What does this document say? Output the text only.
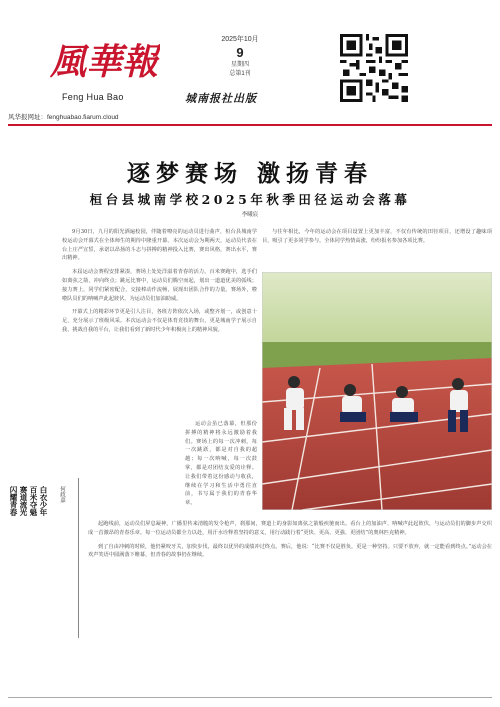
風華報
Feng Hua Bao
风华报网址：fenghuabao.fiarum.cloud
2025年10月
9
星期四
总第1刊
城南报社出版
逐梦赛场 激扬青春
桓台县城南学校2025年秋季田径运动会落幕
李曦宸

9月30日，九月的阳光洒遍校园，伴随着嘹亮的运动员进行曲声，桓台县城南学校运动会开幕式在全体师生的期待中隆重开幕。本次运动会为期两天，运动员代表在台上庄严宣誓，承诺以昂扬的斗志与拼搏的精神投入比赛，赛出风格，赛出水平，赛出精神。

本届运动会赛程安排紧凑，赛场上处处洋溢着青春的活力。百米赛跑中，选手们如离弦之箭，冲向终点；跳远比赛中，运动员们腾空而起，划出一道道优美的弧线；接力赛上，同学们紧密配合，交接棒动作流畅，展现出团队合作的力量。赛场外，啦啦队员们的呐喊声此起彼伏，为运动员们加油助威。

开幕式上的精彩环节更是引人注目，各班方阵依次入场，或整齐划一，或创意十足，充分展示了班级风采。本次运动会不仅是体育竞技的舞台，更是城南学子展示自我、挑战自我的平台，让我们看到了新时代少年积极向上的精神风貌。

与往年相比，今年的运动会在项目设置上更加丰富，不仅有传统的田径项目，还增设了趣味项目，吸引了更多同学参与。全体同学热情高涨，纷纷报名参加各项比赛。

运动会虽已落幕，但那份拼搏的精神将永远激励着我们。赛场上的每一次冲刺，每一次跳跃，都是对自我的超越；每一次呐喊，每一次鼓掌，都是对团结友爱的诠释。让我们带着这份感动与收获，继续在学习和生活中勇往直前，书写属于我们的青春华章。

白衣少年
百米夺魁
赛道流光
闪耀青春	何政嘉

起跑线前，运动员们屏息凝神，广播里传来清脆的发令枪声，刹那间，赛道上的身影如离弦之箭般疾驰而出。看台上的加油声、呐喊声此起彼伏，与运动员们的脚步声交织成一首激昂的青春乐章。每一位运动员都全力以赴，用汗水诠释着坚持的意义，用行动践行着“更快、更高、更强、更团结”的奥林匹克精神。

到了自由冲刺的时候，他仍紧咬牙关，加快步伐，最终以优异的成绩冲过终点。赛后，他说：“比赛不仅是胜负，更是一种坚持。只要不放弃，就一定能看到终点。”运动会在欢声笑语中圆满落下帷幕，但青春的故事仍在继续。
